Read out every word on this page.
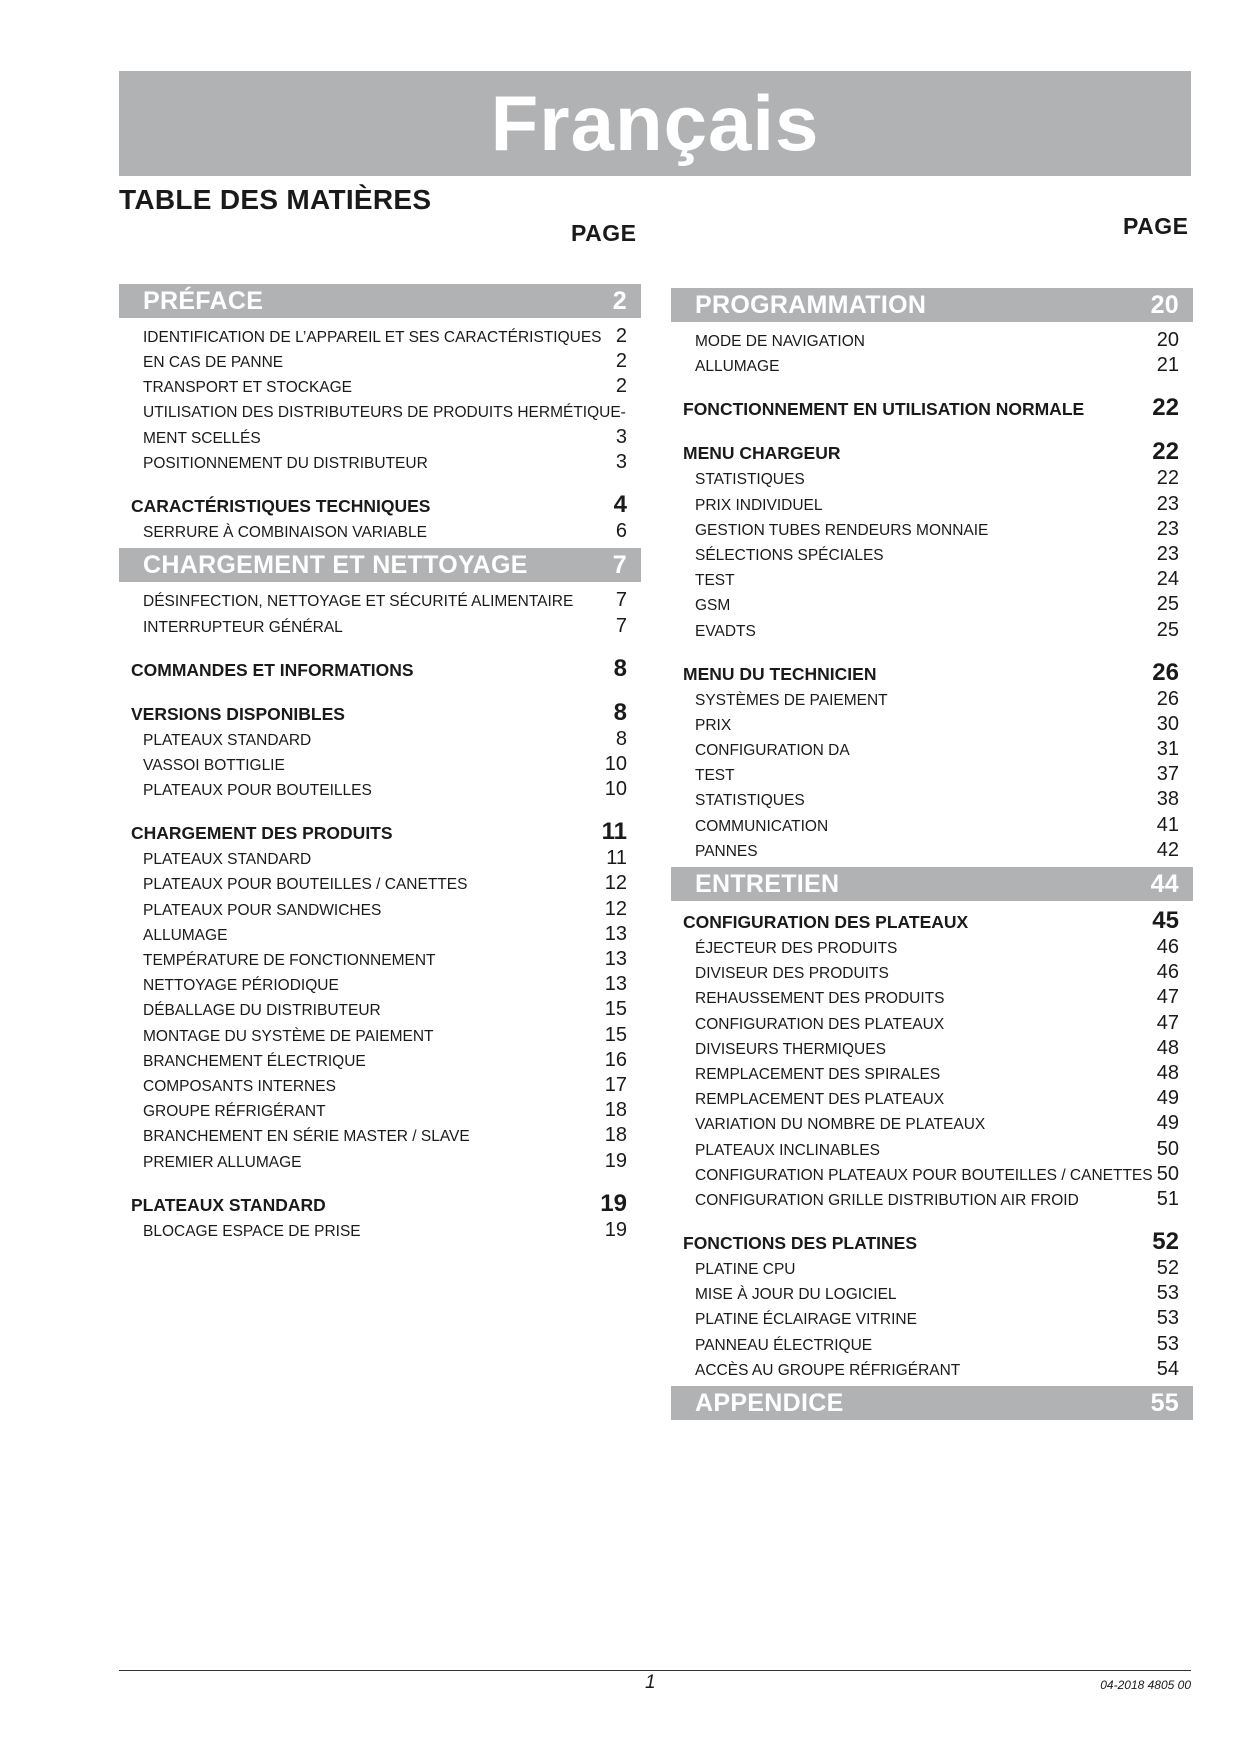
Français
TABLE DES MATIÈRES
PAGE	PAGE
PRÉFACE	2
IDENTIFICATION DE L’APPAREIL ET SES CARACTÉRISTIQUES 2
EN CAS DE PANNE	2
TRANSPORT ET STOCKAGE	2
UTILISATION DES DISTRIBUTEURS DE PRODUITS HERMÉTIQUE-
MENT SCELLÉS	3
POSITIONNEMENT DU DISTRIBUTEUR	3
CARACTÉRISTIQUES TECHNIQUES	4
SERRURE À COMBINAISON VARIABLE	6
CHARGEMENT ET NETTOYAGE	7
DÉSINFECTION, NETTOYAGE ET SÉCURITÉ ALIMENTAIRE 7
INTERRUPTEUR GÉNÉRAL	7
COMMANDES ET INFORMATIONS	8
VERSIONS DISPONIBLES	8
PLATEAUX STANDARD	8
VASSOI BOTTIGLIE	10
PLATEAUX POUR BOUTEILLES	10
CHARGEMENT DES PRODUITS	11
PLATEAUX STANDARD	11
PLATEAUX POUR BOUTEILLES / CANETTES	12
PLATEAUX POUR SANDWICHES	12
ALLUMAGE	13
TEMPÉRATURE DE FONCTIONNEMENT	13
NETTOYAGE PÉRIODIQUE	13
DÉBALLAGE DU DISTRIBUTEUR	15
MONTAGE DU SYSTÈME DE PAIEMENT	15
BRANCHEMENT ÉLECTRIQUE	16
COMPOSANTS INTERNES	17
GROUPE RÉFRIGÉRANT	18
BRANCHEMENT EN SÉRIE MASTER / SLAVE	18
PREMIER ALLUMAGE	19
PLATEAUX STANDARD	19
BLOCAGE ESPACE DE PRISE	19
PROGRAMMATION	20
MODE DE NAVIGATION	20
ALLUMAGE	21
FONCTIONNEMENT EN UTILISATION NORMALE	22
MENU CHARGEUR	22
STATISTIQUES	22
PRIX INDIVIDUEL	23
GESTION TUBES RENDEURS MONNAIE	23
SÉLECTIONS SPÉCIALES	23
TEST	24
GSM	25
EVADTS	25
MENU DU TECHNICIEN	26
SYSTÈMES DE PAIEMENT	26
PRIX	30
CONFIGURATION DA	31
TEST	37
STATISTIQUES	38
COMMUNICATION	41
PANNES	42
ENTRETIEN	44
CONFIGURATION DES PLATEAUX	45
ÉJECTEUR DES PRODUITS	46
DIVISEUR DES PRODUITS	46
REHAUSSEMENT DES PRODUITS	47
CONFIGURATION DES PLATEAUX	47
DIVISEURS THERMIQUES	48
REMPLACEMENT DES SPIRALES	48
REMPLACEMENT DES PLATEAUX	49
VARIATION DU NOMBRE DE PLATEAUX	49
PLATEAUX INCLINABLES	50
CONFIGURATION PLATEAUX POUR BOUTEILLES / CANETTES 50
CONFIGURATION GRILLE DISTRIBUTION AIR FROID	51
FONCTIONS DES PLATINES	52
PLATINE CPU	52
MISE À JOUR DU LOGICIEL	53
PLATINE ÉCLAIRAGE VITRINE	53
PANNEAU ÉLECTRIQUE	53
ACCÈS AU GROUPE RÉFRIGÉRANT	54
APPENDICE	55
1	04-2018 4805 00
